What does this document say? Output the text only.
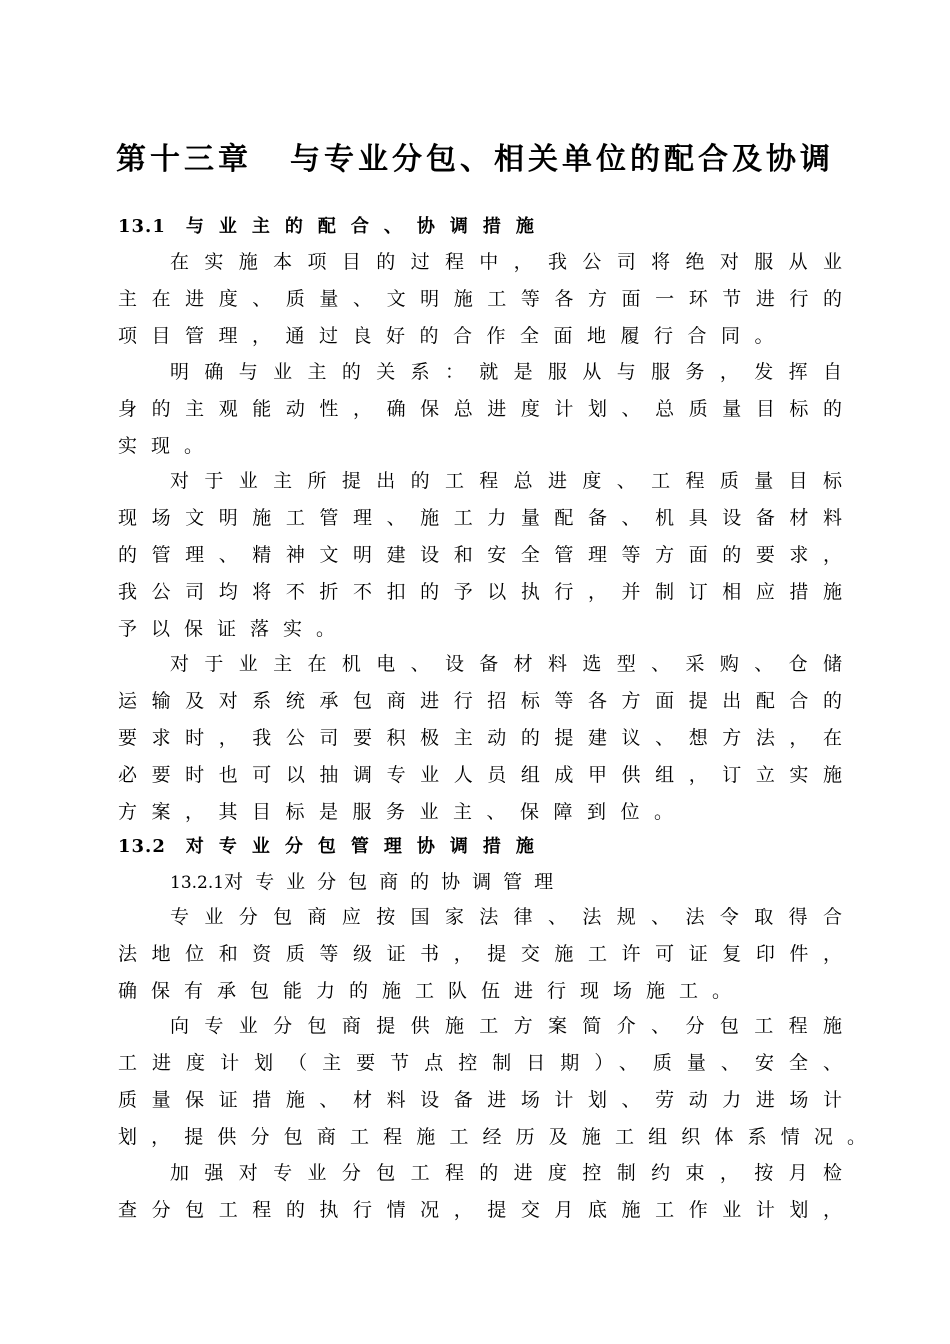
第十三章 与专业分包、相关单位的配合及协调
13.1 与业主的配合、协调措施
在实施本项目的过程中，我公司将绝对服从业
主在进度、质量、文明施工等各方面一环节进行的
项目管理，通过良好的合作全面地履行合同。
明确与业主的关系：就是服从与服务，发挥自
身的主观能动性，确保总进度计划、总质量目标的
实现。
对于业主所提出的工程总进度、工程质量目标
现场文明施工管理、施工力量配备、机具设备材料
的管理、精神文明建设和安全管理等方面的要求，
我公司均将不折不扣的予以执行，并制订相应措施
予以保证落实。
对于业主在机电、设备材料选型、采购、仓储
运输及对系统承包商进行招标等各方面提出配合的
要求时，我公司要积极主动的提建议、想方法，在
必要时也可以抽调专业人员组成甲供组，订立实施
方案，其目标是服务业主、保障到位。
13.2 对专业分包管理协调措施
13.2.1对专业分包商的协调管理
专业分包商应按国家法律、法规、法令取得合
法地位和资质等级证书，提交施工许可证复印件，
确保有承包能力的施工队伍进行现场施工。
向专业分包商提供施工方案简介、分包工程施
工进度计划（主要节点控制日期）、质量、安全、
质量保证措施、材料设备进场计划、劳动力进场计
划，提供分包商工程施工经历及施工组织体系情况。
加强对专业分包工程的进度控制约束，按月检
查分包工程的执行情况，提交月底施工作业计划，
